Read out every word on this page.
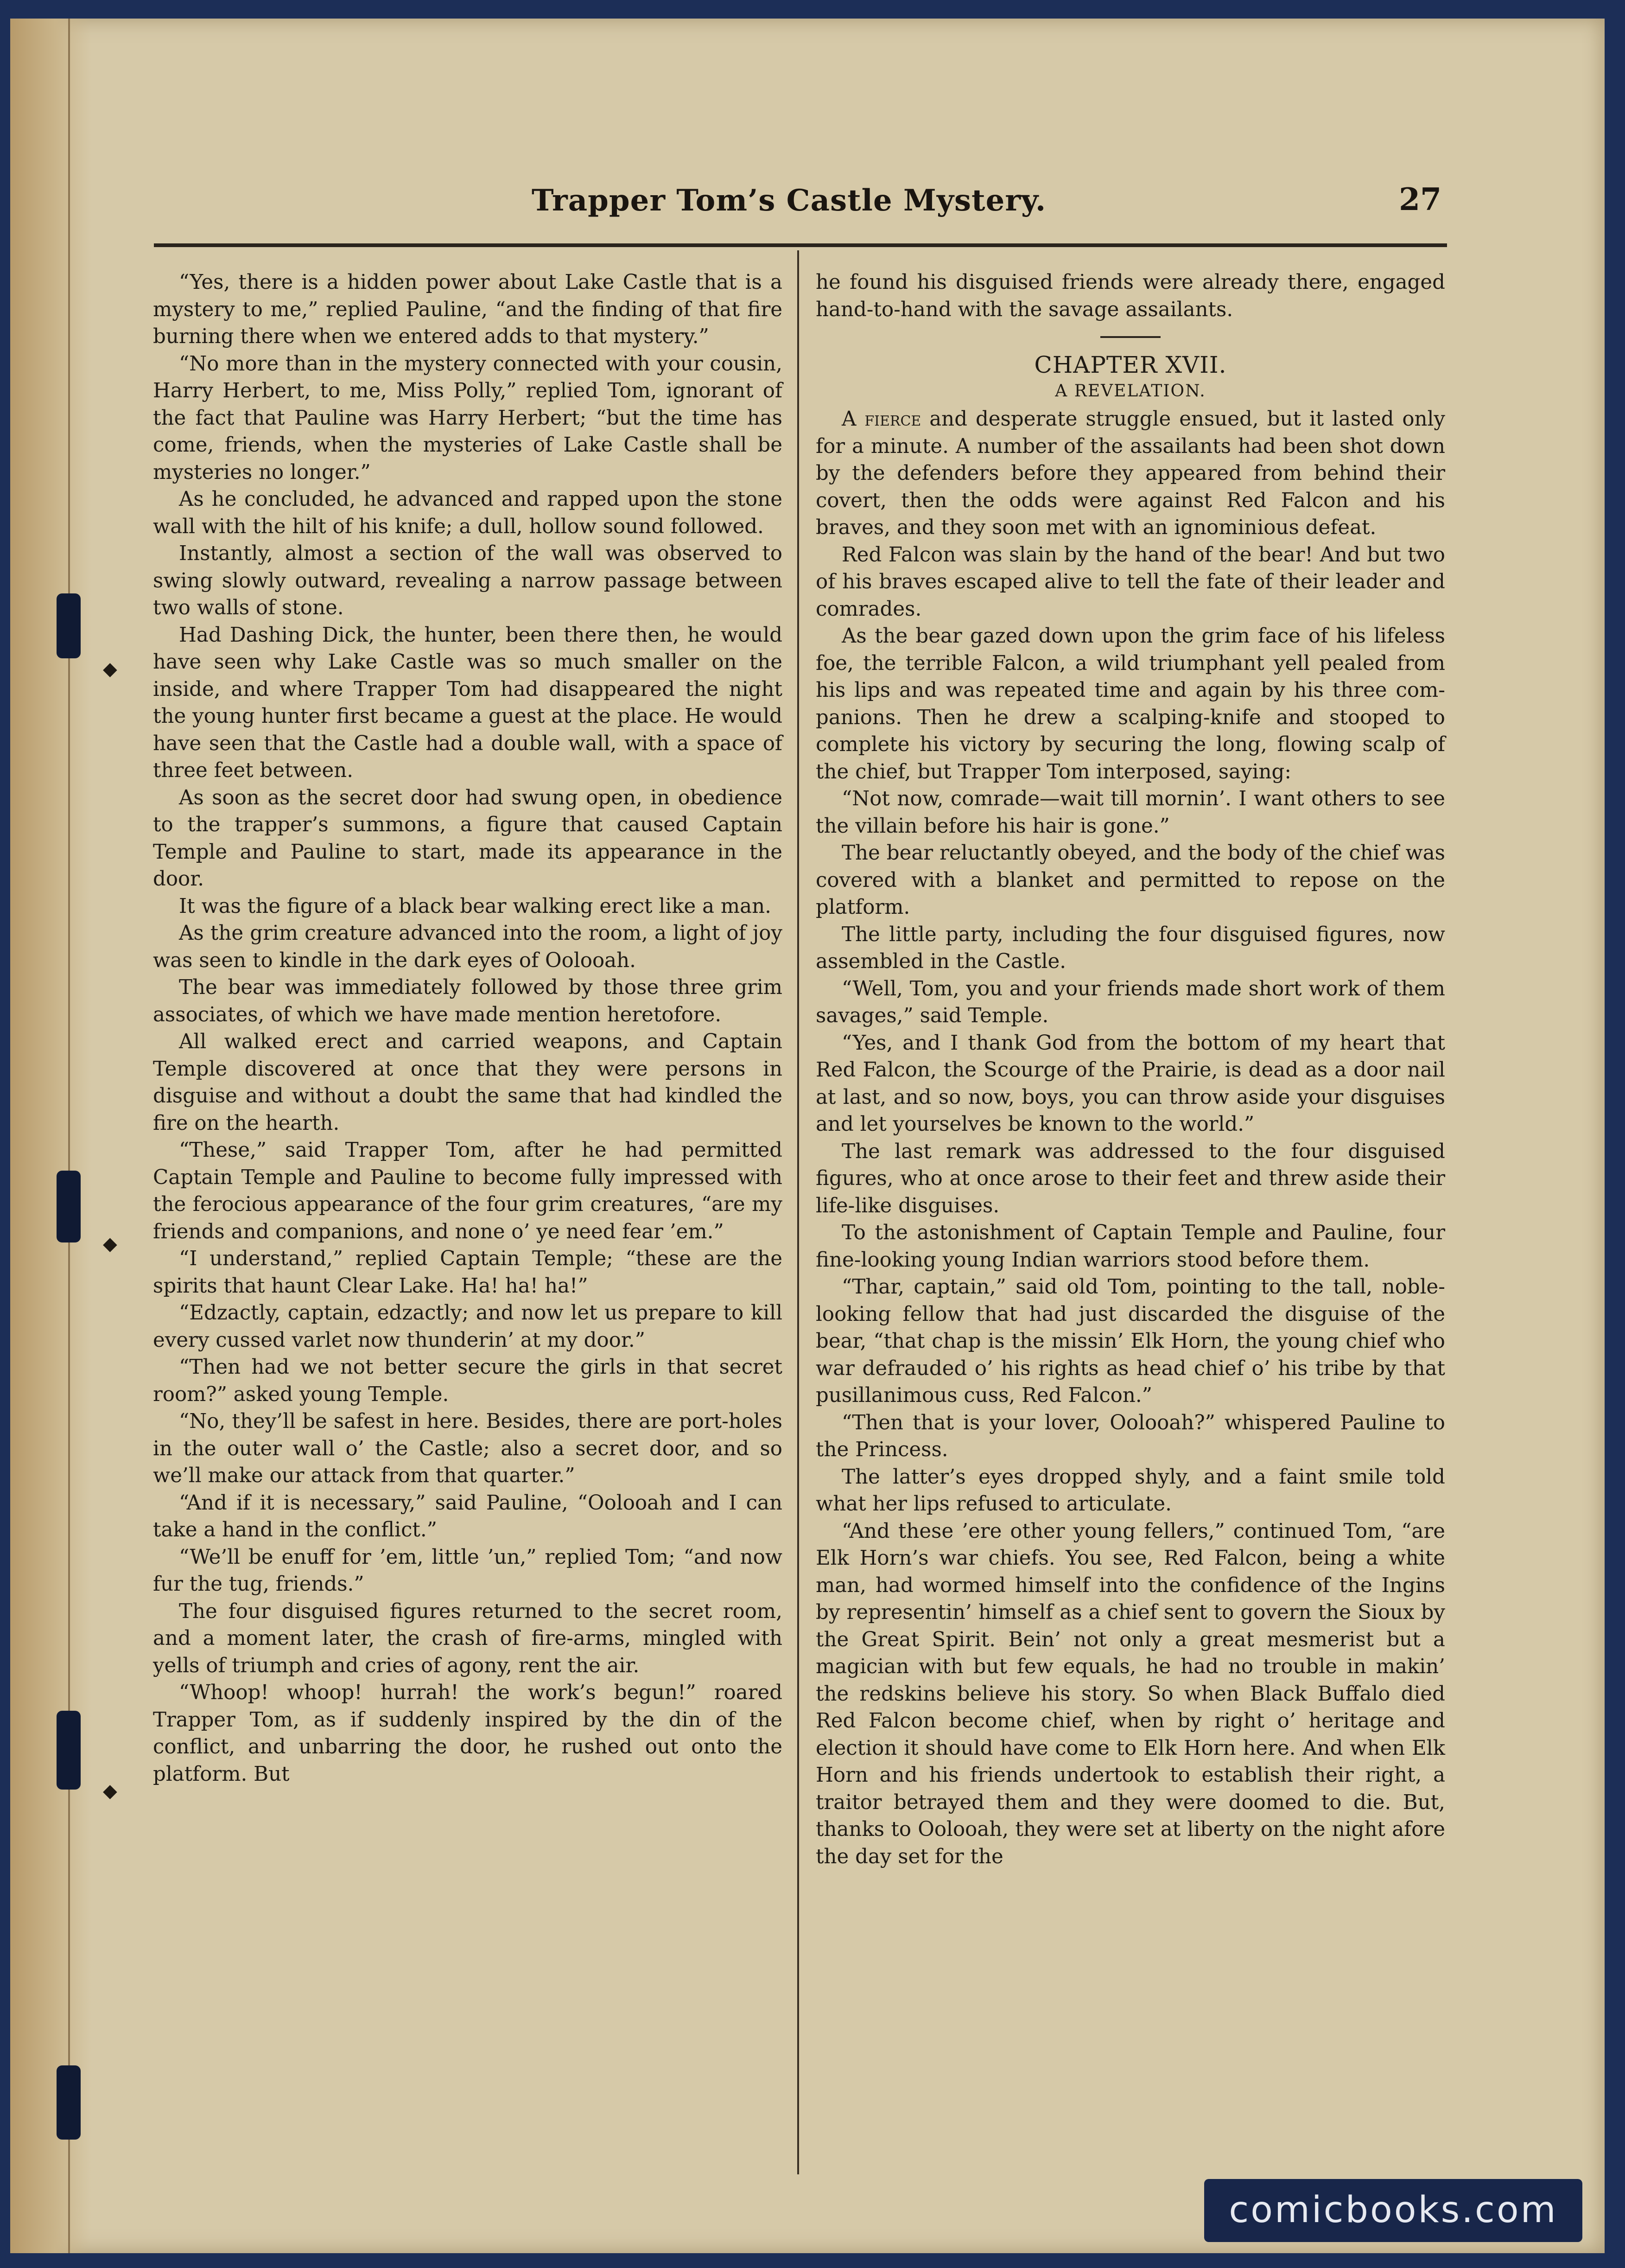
◆
◆
◆
Trapper Tom’s Castle Mystery.	27

“Yes, there is a hidden power about Lake Castle that is a mystery to me,” replied Pauline, “and the finding of that fire burning there when we entered adds to that mystery.”

“No more than in the mystery connected with your cousin, Harry Herbert, to me, Miss Polly,” replied Tom, ignorant of the fact that Pauline was Harry Herbert; “but the time has come, friends, when the mysteries of Lake Castle shall be mysteries no longer.”

As he concluded, he advanced and rapped upon the stone wall with the hilt of his knife; a dull, hollow sound followed.

Instantly, almost a section of the wall was observed to swing slowly outward, revealing a narrow passage between two walls of stone.

Had Dashing Dick, the hunter, been there then, he would have seen why Lake Castle was so much smaller on the inside, and where Trapper Tom had disappeared the night the young hunter first became a guest at the place. He would have seen that the Castle had a double wall, with a space of three feet between.

As soon as the secret door had swung open, in obedience to the trapper’s summons, a figure that caused Captain Temple and Pauline to start, made its appearance in the door.

It was the figure of a black bear walking erect like a man.

As the grim creature advanced into the room, a light of joy was seen to kindle in the dark eyes of Oolooah.

The bear was immediately followed by those three grim associates, of which we have made mention heretofore.

All walked erect and carried weapons, and Captain Temple discovered at once that they were persons in disguise and without a doubt the same that had kindled the fire on the hearth.

“These,” said Trapper Tom, after he had permitted Captain Temple and Pauline to become fully impressed with the ferocious appearance of the four grim creatures, “are my friends and companions, and none o’ ye need fear ’em.”

“I understand,” replied Captain Temple; “these are the spirits that haunt Clear Lake. Ha! ha! ha!”

“Edzactly, captain, edzactly; and now let us prepare to kill every cussed varlet now thunderin’ at my door.”

“Then had we not better secure the girls in that secret room?” asked young Temple.

“No, they’ll be safest in here. Besides, there are port-holes in the outer wall o’ the Castle; also a secret door, and so we’ll make our attack from that quarter.”

“And if it is necessary,” said Pauline, “Oolooah and I can take a hand in the conflict.”

“We’ll be enuff for ’em, little ’un,” replied Tom; “and now fur the tug, friends.”

The four disguised figures returned to the secret room, and a moment later, the crash of fire-arms, mingled with yells of triumph and cries of agony, rent the air.

“Whoop! whoop! hurrah! the work’s begun!” roared Trapper Tom, as if suddenly inspired by the din of the conflict, and unbarring the door, he rushed out onto the platform. But

he found his disguised friends were already there, engaged hand-to-hand with the savage assailants.

CHAPTER XVII.
A REVELATION.

A fierce and desperate struggle ensued, but it lasted only for a minute. A number of the assailants had been shot down by the defenders before they appeared from behind their covert, then the odds were against Red Falcon and his braves, and they soon met with an ignominious defeat.

Red Falcon was slain by the hand of the bear! And but two of his braves escaped alive to tell the fate of their leader and comrades.

As the bear gazed down upon the grim face of his lifeless foe, the terrible Falcon, a wild triumphant yell pealed from his lips and was repeated time and again by his three companions. Then he drew a scalping-knife and stooped to complete his victory by securing the long, flowing scalp of the chief, but Trapper Tom interposed, saying:

“Not now, comrade—wait till mornin’. I want others to see the villain before his hair is gone.”

The bear reluctantly obeyed, and the body of the chief was covered with a blanket and permitted to repose on the platform.

The little party, including the four disguised figures, now assembled in the Castle.

“Well, Tom, you and your friends made short work of them savages,” said Temple.

“Yes, and I thank God from the bottom of my heart that Red Falcon, the Scourge of the Prairie, is dead as a door nail at last, and so now, boys, you can throw aside your disguises and let yourselves be known to the world.”

The last remark was addressed to the four disguised figures, who at once arose to their feet and threw aside their life-like disguises.

To the astonishment of Captain Temple and Pauline, four fine-looking young Indian warriors stood before them.

“Thar, captain,” said old Tom, pointing to the tall, noble-looking fellow that had just discarded the disguise of the bear, “that chap is the missin’ Elk Horn, the young chief who war defrauded o’ his rights as head chief o’ his tribe by that pusillanimous cuss, Red Falcon.”

“Then that is your lover, Oolooah?” whispered Pauline to the Princess.

The latter’s eyes dropped shyly, and a faint smile told what her lips refused to articulate.

“And these ’ere other young fellers,” continued Tom, “are Elk Horn’s war chiefs. You see, Red Falcon, being a white man, had wormed himself into the confidence of the Ingins by representin’ himself as a chief sent to govern the Sioux by the Great Spirit. Bein’ not only a great mesmerist but a magician with but few equals, he had no trouble in makin’ the redskins believe his story. So when Black Buffalo died Red Falcon become chief, when by right o’ heritage and election it should have come to Elk Horn here. And when Elk Horn and his friends undertook to establish their right, a traitor betrayed them and they were doomed to die. But, thanks to Oolooah, they were set at liberty on the night afore the day set for the

comicbooks.com
